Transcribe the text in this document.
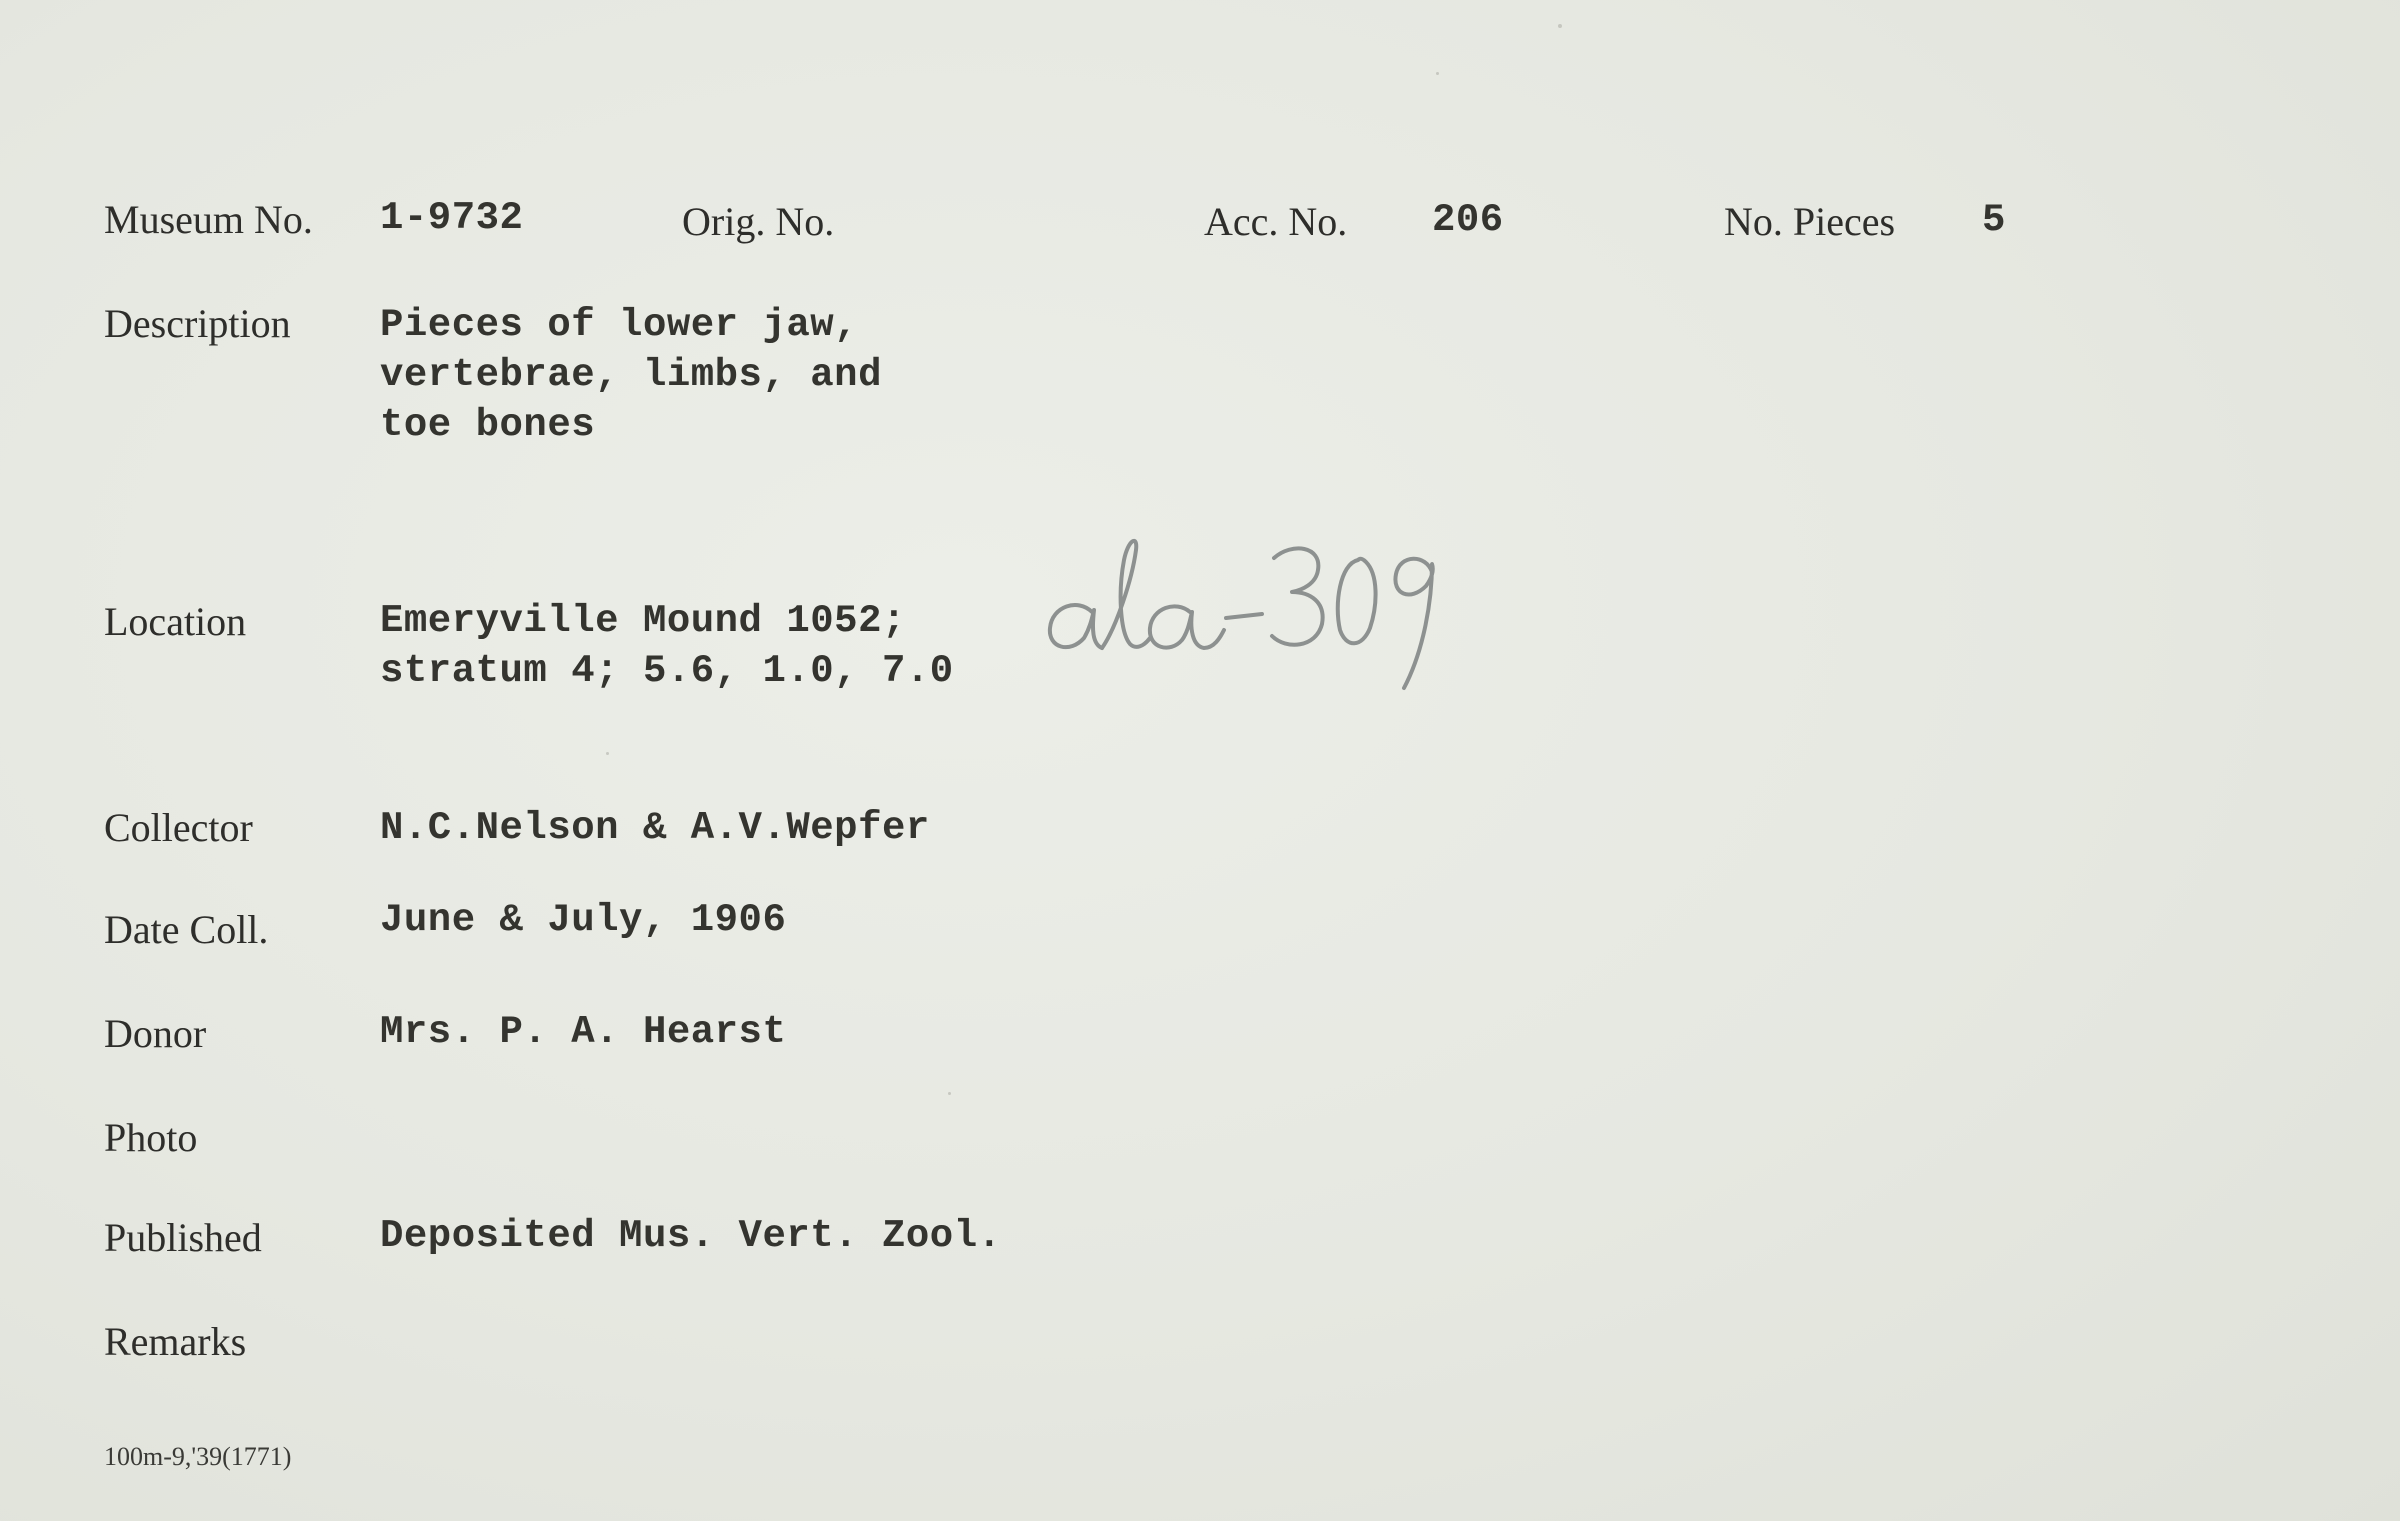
Museum No. 1-9732	Orig. No.	Acc. No. 206	No. Pieces 5
Description Pieces of lower jaw,
vertebrae, limbs, and
toe bones
Location	Emeryville Mound 1052;
stratum 4; 5.6, 1.0, 7.0
Collector	N.C.Nelson & A.V.Wepfer
Date Coll.	June & July, 1906
Donor	Mrs. P. A. Hearst
Photo
Published	Deposited Mus. Vert. Zool.
Remarks
100m-9,'39(1771)
